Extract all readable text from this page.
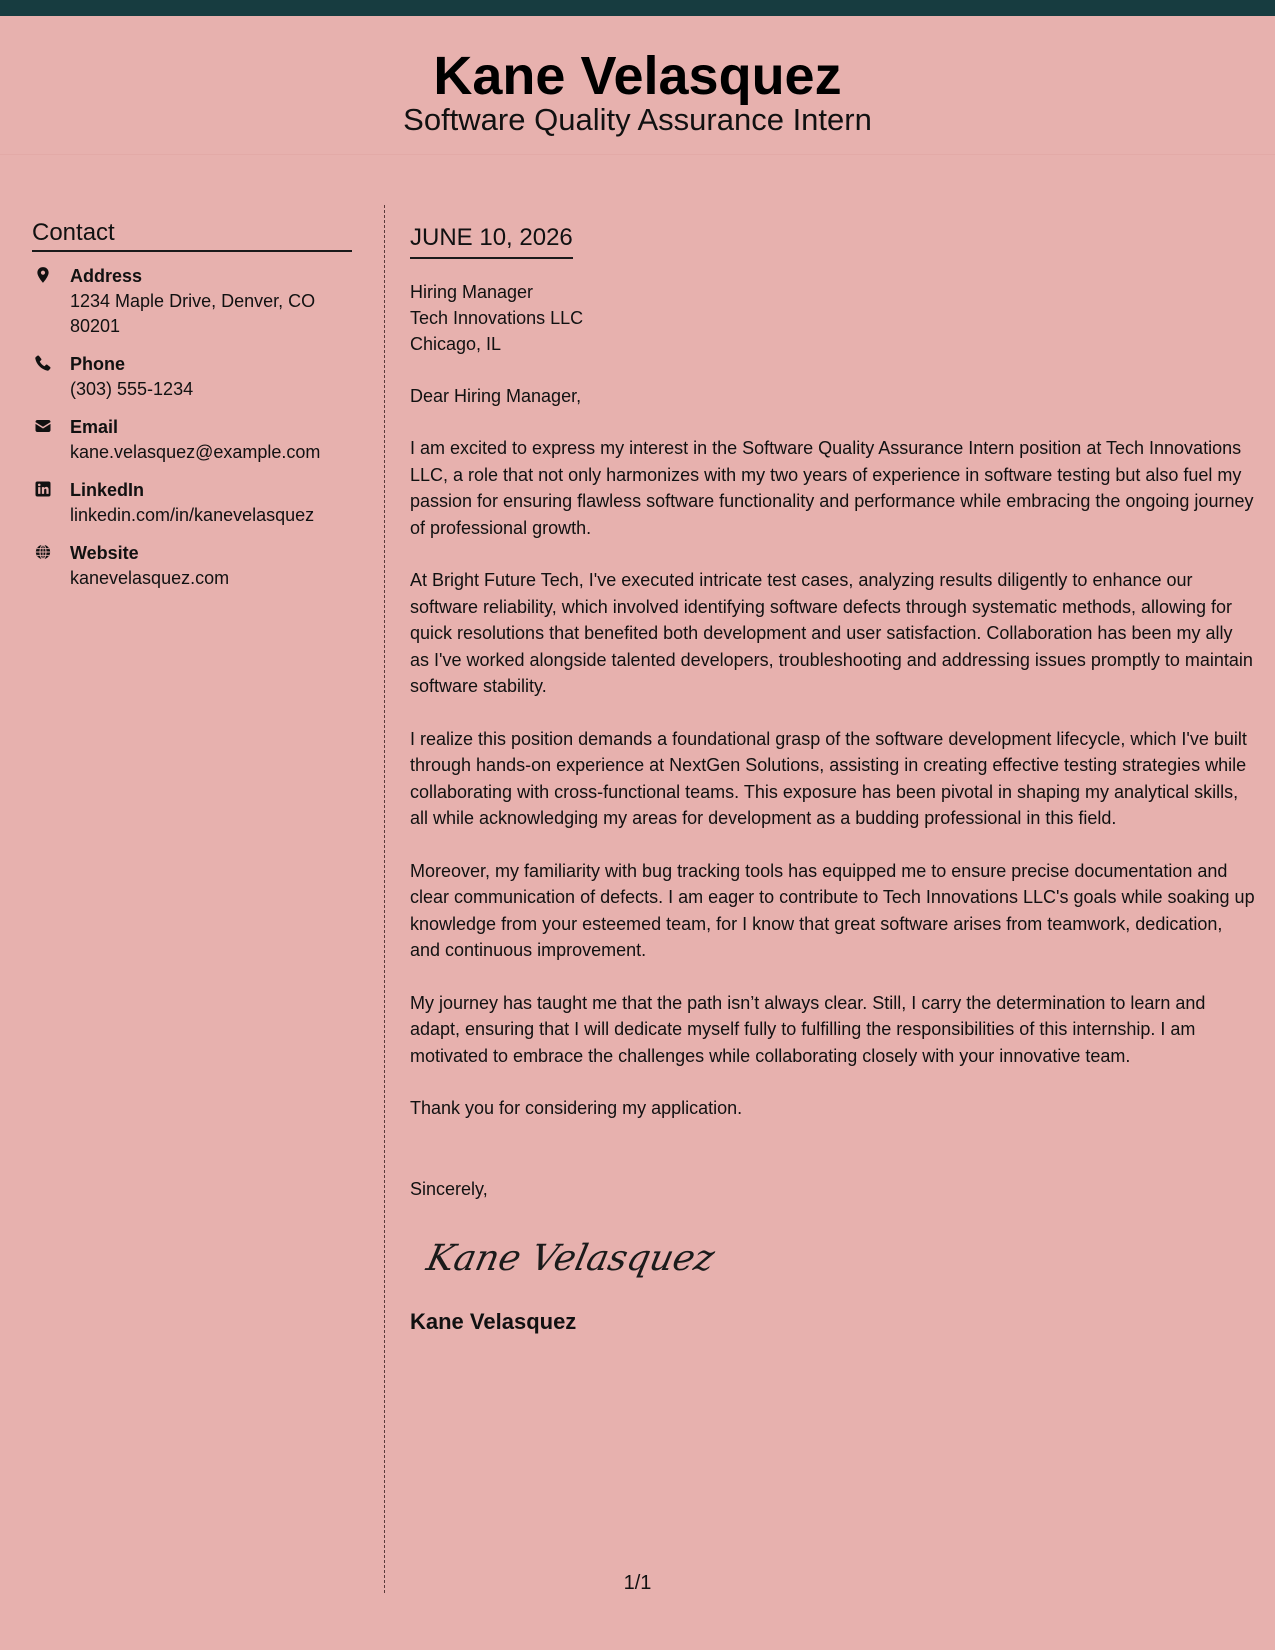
Kane Velasquez
Software Quality Assurance Intern
Contact
Address
1234 Maple Drive, Denver, CO 80201
Phone
(303) 555-1234
Email
kane.velasquez@example.com
LinkedIn
linkedin.com/in/kanevelasquez
Website
kanevelasquez.com
JUNE 10, 2026
Hiring Manager
Tech Innovations LLC
Chicago, IL
Dear Hiring Manager,
I am excited to express my interest in the Software Quality Assurance Intern position at Tech Innovations LLC, a role that not only harmonizes with my two years of experience in software testing but also fuel my passion for ensuring flawless software functionality and performance while embracing the ongoing journey of professional growth.
At Bright Future Tech, I've executed intricate test cases, analyzing results diligently to enhance our software reliability, which involved identifying software defects through systematic methods, allowing for quick resolutions that benefited both development and user satisfaction. Collaboration has been my ally as I've worked alongside talented developers, troubleshooting and addressing issues promptly to maintain software stability.
I realize this position demands a foundational grasp of the software development lifecycle, which I've built through hands-on experience at NextGen Solutions, assisting in creating effective testing strategies while collaborating with cross-functional teams. This exposure has been pivotal in shaping my analytical skills, all while acknowledging my areas for development as a budding professional in this field.
Moreover, my familiarity with bug tracking tools has equipped me to ensure precise documentation and clear communication of defects. I am eager to contribute to Tech Innovations LLC's goals while soaking up knowledge from your esteemed team, for I know that great software arises from teamwork, dedication, and continuous improvement.
My journey has taught me that the path isn’t always clear. Still, I carry the determination to learn and adapt, ensuring that I will dedicate myself fully to fulfilling the responsibilities of this internship. I am motivated to embrace the challenges while collaborating closely with your innovative team.
Thank you for considering my application.
Sincerely,
Kane Velasquez
Kane Velasquez
1/1
